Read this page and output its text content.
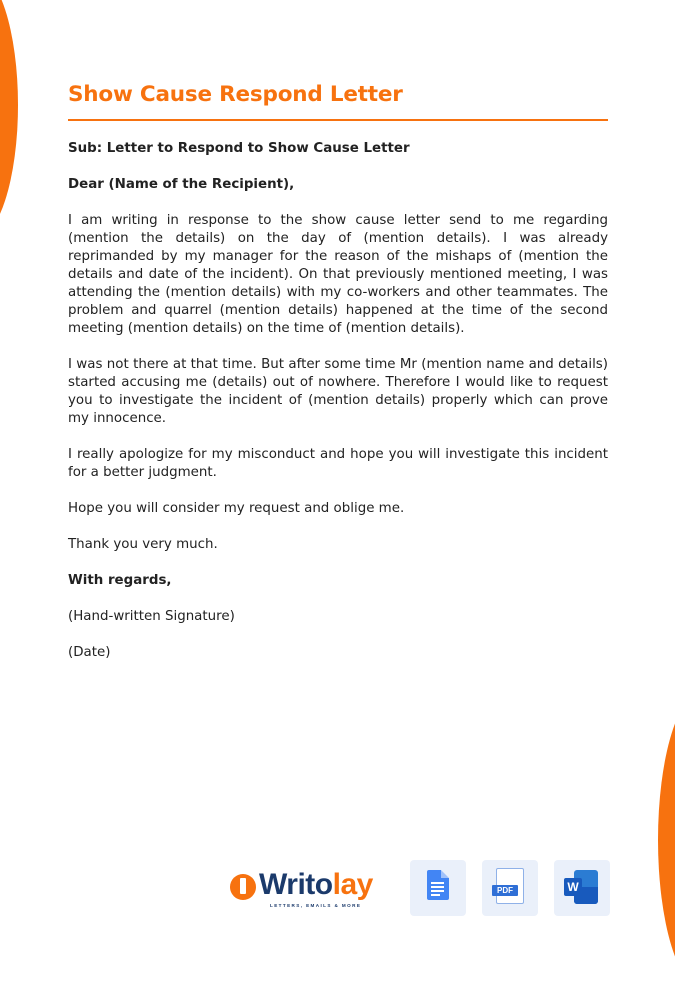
Show Cause Respond Letter

Sub: Letter to Respond to Show Cause Letter

Dear (Name of the Recipient),

I am writing in response to the show cause letter send to me regarding (mention the details) on the day of (mention details). I was already reprimanded by my manager for the reason of the mishaps of (mention the details and date of the incident). On that previously mentioned meeting, I was attending the (mention details) with my co-workers and other teammates. The problem and quarrel (mention details) happened at the time of the second meeting (mention details) on the time of (mention details).

I was not there at that time. But after some time Mr (mention name and details) started accusing me (details) out of nowhere. Therefore I would like to request you to investigate the incident of (mention details) properly which can prove my innocence.

I really apologize for my misconduct and hope you will investigate this incident for a better judgment.

Hope you will consider my request and oblige me.

Thank you very much.

With regards,

(Hand-written Signature)

(Date)

Writolay
LETTERS, EMAILS & MORE
PDF	W
